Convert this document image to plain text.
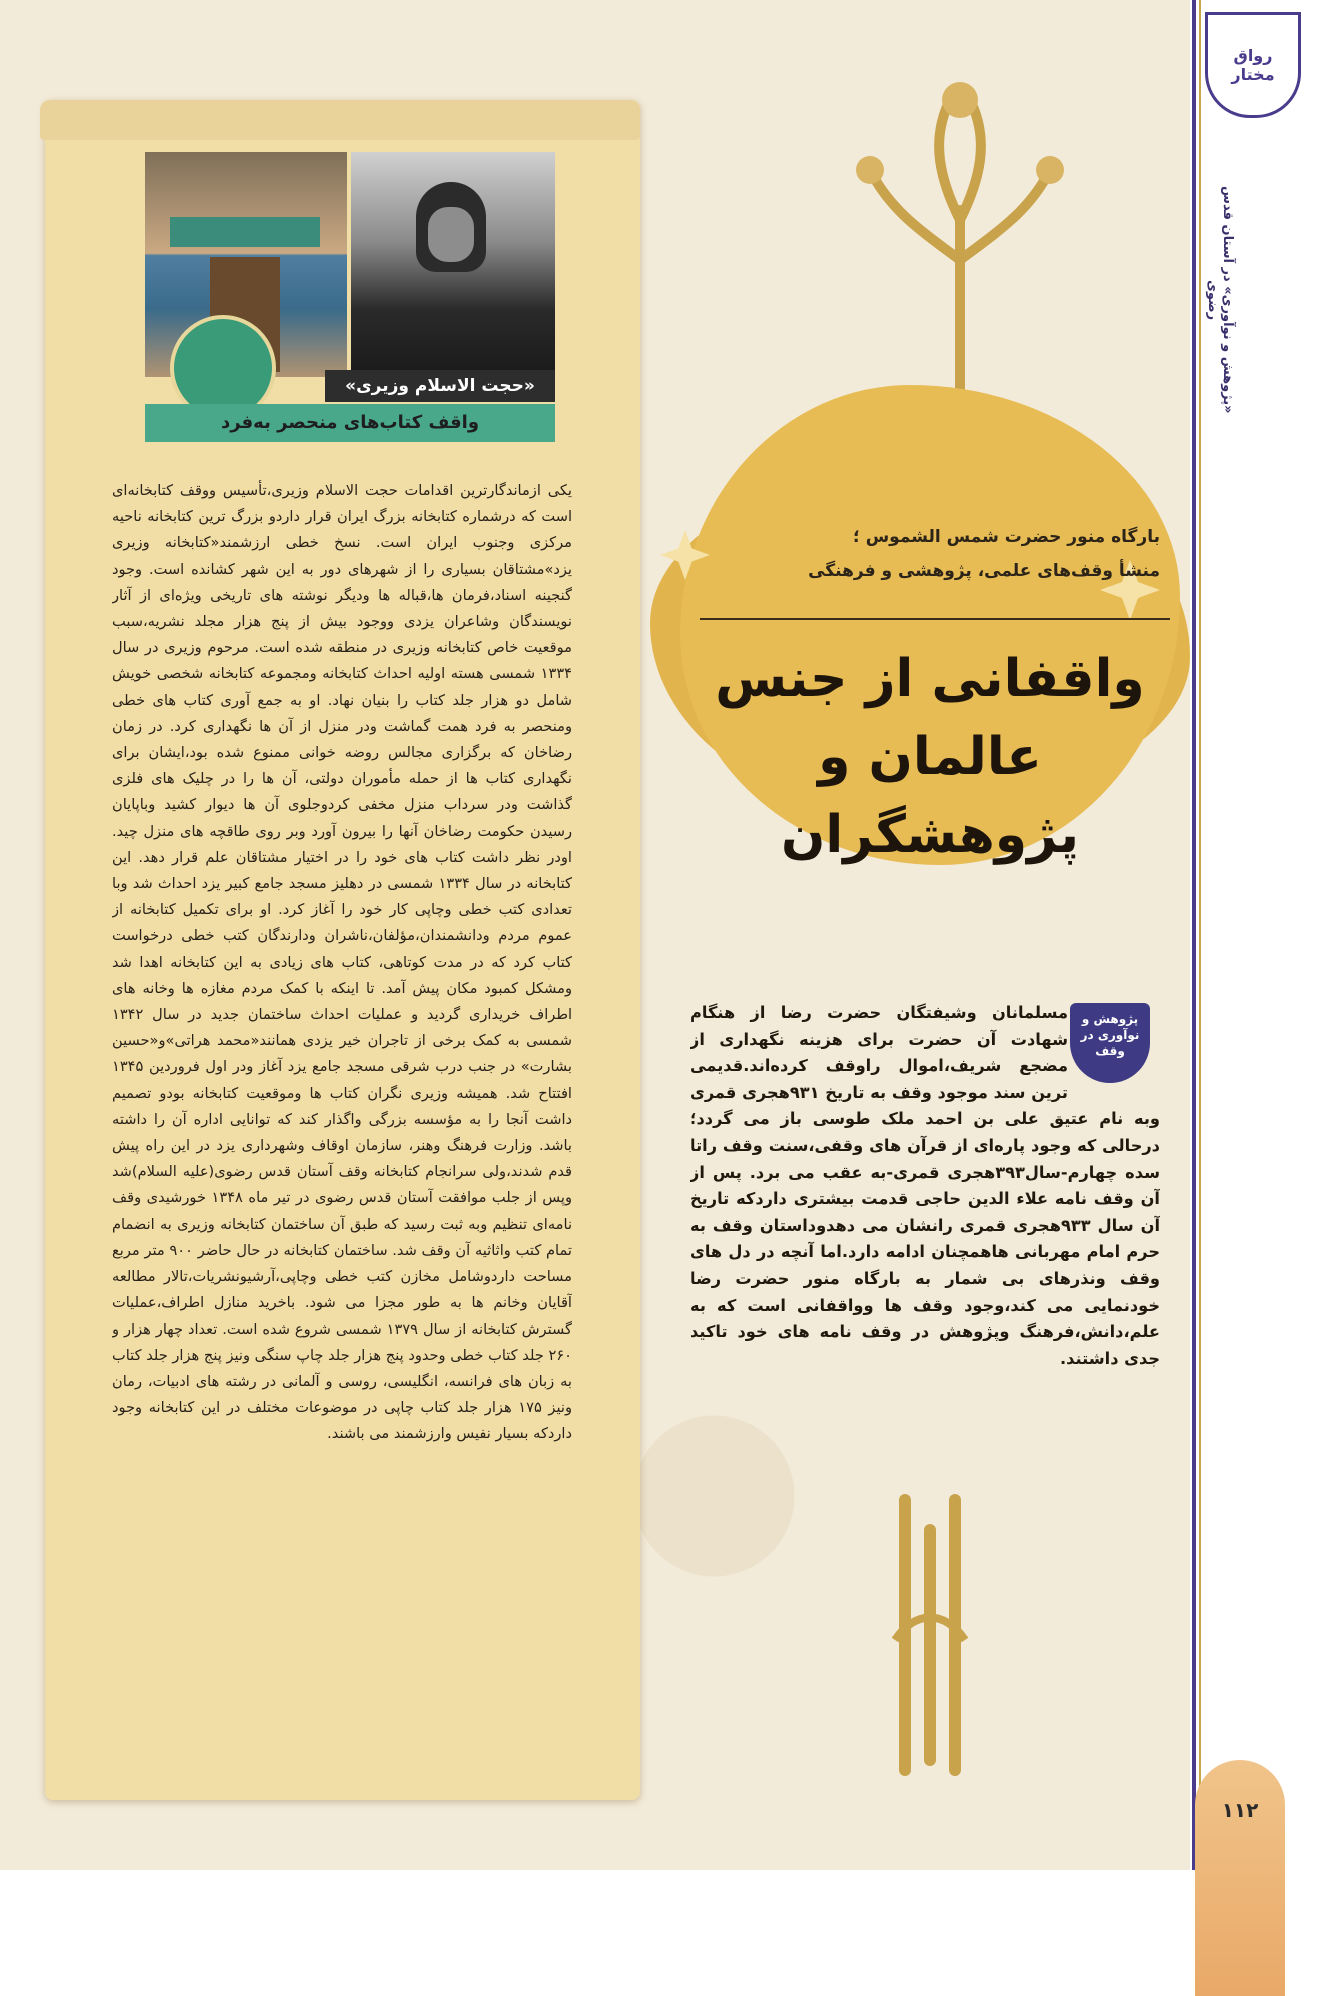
بارگاه منور حضرت شمس الشموس ؛
منشأ وقف‌های علمی، پژوهشی و فرهنگی
واقفانی از جنس
عالمان و پژوهشگران
پژوهش و نوآوری در وقف
مسلمانان وشیفتگان حضرت رضا از هنگام شهادت آن حضرت برای هزینه نگهداری از مضجع شریف،اموال راوقف کرده‌اند.قدیمی ترین سند موجود وقف به تاریخ ۹۳۱هجری قمری وبه نام عتیق علی بن احمد ملک طوسی باز می گردد؛درحالی که وجود پاره‌ای از قرآن های وقفی،سنت وقف راتا سده چهارم-سال۳۹۳هجری قمری-به عقب می برد. پس از آن وقف نامه علاء الدین حاجی قدمت بیشتری داردکه تاریخ آن سال ۹۳۳هجری قمری رانشان می دهدوداستان وقف به حرم امام مهربانی هاهمچنان ادامه دارد.اما آنچه در دل های وقف ونذرهای بی شمار به بارگاه منور حضرت رضا خودنمایی می کند،وجود وقف ها وواقفانی است که به علم،دانش،فرهنگ وپژوهش در وقف نامه های خود تاکید جدی داشتند.
«حجت الاسلام وزیری»
واقف کتاب‌های منحصر به‌فرد
یکی ازماندگارترین اقدامات حجت الاسلام وزیری،تأسیس ووقف کتابخانه‌ای است که درشماره کتابخانه بزرگ ایران قرار داردو بزرگ ترین کتابخانه ناحیه مرکزی وجنوب ایران است. نسخ خطی ارزشمند«کتابخانه وزیری یزد»مشتاقان بسیاری را از شهرهای دور به این شهر کشانده است. وجود گنجینه اسناد،فرمان ها،قباله ها ودیگر نوشته های تاریخی ویژه‌ای از آثار نویسندگان وشاعران یزدی ووجود بیش از پنج هزار مجلد نشریه،سبب موقعیت خاص کتابخانه وزیری در منطقه شده است. مرحوم وزیری در سال ۱۳۳۴ شمسی هسته اولیه احداث کتابخانه ومجموعه کتابخانه شخصی خویش شامل دو هزار جلد کتاب را بنیان نهاد. او به جمع آوری کتاب های خطی ومنحصر به فرد همت گماشت ودر منزل از آن ها نگهداری کرد. در زمان رضاخان که برگزاری مجالس روضه خوانی ممنوع شده بود،ایشان برای نگهداری کتاب ها از حمله مأموران دولتی، آن ها را در چلیک های فلزی گذاشت ودر سرداب منزل مخفی کردوجلوی آن ها دیوار کشید وباپایان رسیدن حکومت رضاخان آنها را بیرون آورد وبر روی طاقچه های منزل چید. اودر نظر داشت کتاب های خود را در اختیار مشتاقان علم قرار دهد. این کتابخانه در سال ۱۳۳۴ شمسی در دهلیز مسجد جامع کبیر یزد احداث شد وبا تعدادی کتب خطی وچاپی کار خود را آغاز کرد. او برای تکمیل کتابخانه از عموم مردم ودانشمندان،مؤلفان،ناشران ودارندگان کتب خطی درخواست کتاب کرد که در مدت کوتاهی، کتاب های زیادی به این کتابخانه اهدا شد ومشکل کمبود مکان پیش آمد. تا اینکه با کمک مردم مغازه ها وخانه های اطراف خریداری گردید و عملیات احداث ساختمان جدید در سال ۱۳۴۲ شمسی به کمک برخی از تاجران خیر یزدی همانند«محمد هراتی»و«حسین بشارت» در جنب درب شرقی مسجد جامع یزد آغاز ودر اول فروردین ۱۳۴۵ افتتاح شد. همیشه وزیری نگران کتاب ها وموقعیت کتابخانه بودو تصمیم داشت آنجا را به مؤسسه بزرگی واگذار کند که توانایی اداره آن را داشته باشد. وزارت فرهنگ وهنر، سازمان اوقاف وشهرداری یزد در این راه پیش قدم شدند،ولی سرانجام کتابخانه وقف آستان قدس رضوی(علیه السلام)شد وپس از جلب موافقت آستان قدس رضوی در تیر ماه ۱۳۴۸ خورشیدی وقف نامه‌ای تنظیم وبه ثبت رسید که طبق آن ساختمان کتابخانه وزیری به انضمام تمام کتب واثاثیه آن وقف شد. ساختمان کتابخانه در حال حاضر ۹۰۰ متر مربع مساحت داردوشامل مخازن کتب خطی وچاپی،آرشیونشریات،تالار مطالعه آقایان وخانم ها به طور مجزا می شود. باخرید منازل اطراف،عملیات گسترش کتابخانه از سال ۱۳۷۹ شمسی شروع شده است. تعداد چهار هزار و ۲۶۰ جلد کتاب خطی وحدود پنج هزار جلد چاپ سنگی ونیز پنج هزار جلد کتاب به زبان های فرانسه، انگلیسی، روسی و آلمانی در رشته های ادبیات، رمان ونیز ۱۷۵ هزار جلد کتاب چاپی در موضوعات مختلف در این کتابخانه وجود داردکه بسیار نفیس وارزشمند می باشند.
رواق
مختار
«پژوهش و نوآوری» در آستان قدس رضوی
۱۱۲
